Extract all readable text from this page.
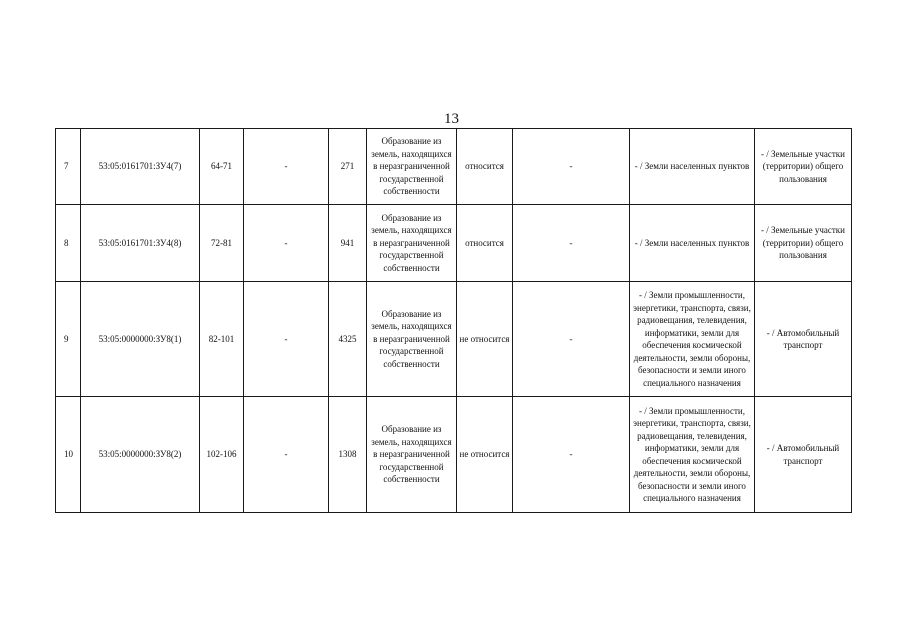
13
7	53:05:0161701:ЗУ4(7)	64-71	-	271	Образование из земель, находящихся в неразграниченной государственной собственности	относится	-	- / Земли населенных пунктов	- / Земельные участки (территории) общего пользования
8	53:05:0161701:ЗУ4(8)	72-81	-	941	Образование из земель, находящихся в неразграниченной государственной собственности	относится	-	- / Земли населенных пунктов	- / Земельные участки (территории) общего пользования
9	53:05:0000000:ЗУ8(1)	82-101	-	4325	Образование из земель, находящихся в неразграниченной государственной собственности	не относится	-	- / Земли промышленности, энергетики, транспорта, связи, радиовещания, телевидения, информатики, земли для обеспечения космической деятельности, земли обороны, безопасности и земли иного специального назначения	- / Автомобильный транспорт
10	53:05:0000000:ЗУ8(2)	102-106	-	1308	Образование из земель, находящихся в неразграниченной государственной собственности	не относится	-	- / Земли промышленности, энергетики, транспорта, связи, радиовещания, телевидения, информатики, земли для обеспечения космической деятельности, земли обороны, безопасности и земли иного специального назначения	- / Автомобильный транспорт
